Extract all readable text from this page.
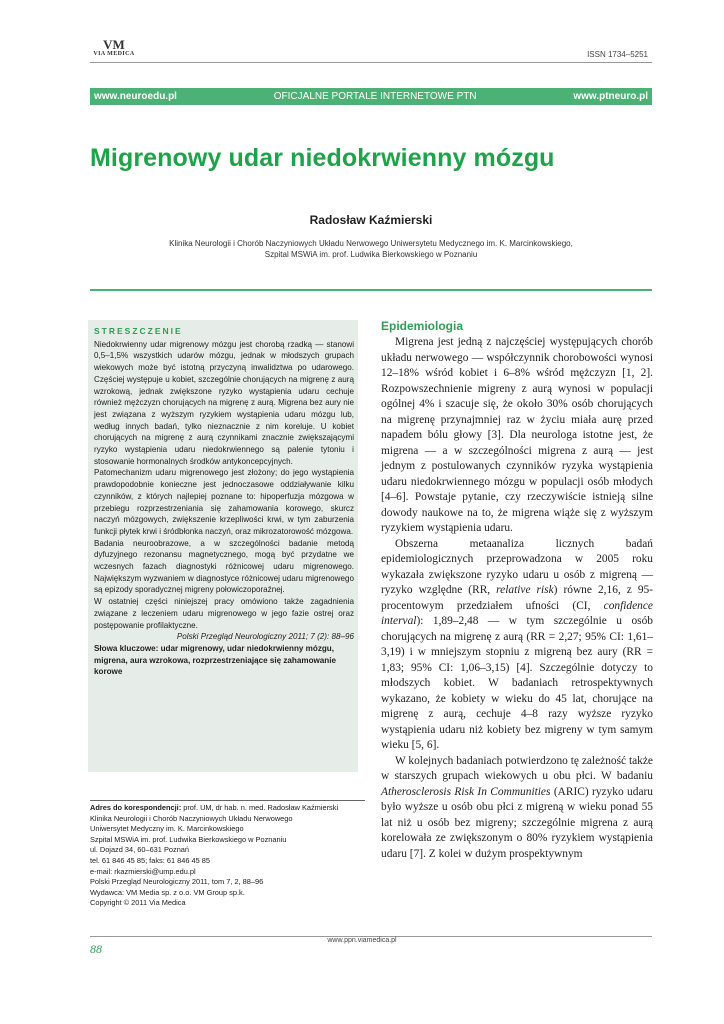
VM
VIA MEDICA	ISSN 1734–5251
www.neuroedu.pl	OFICJALNE PORTALE INTERNETOWE PTN	www.ptneuro.pl
Migrenowy udar niedokrwienny mózgu
Radosław Kaźmierski
Klinika Neurologii i Chorób Naczyniowych Układu Nerwowego Uniwersytetu Medycznego im. K. Marcinkowskiego,
Szpital MSWiA im. prof. Ludwika Bierkowskiego w Poznaniu
STRESZCZENIE

Niedokrwienny udar migrenowy mózgu jest chorobą rzadką — stanowi 0,5–1,5% wszystkich udarów mózgu, jednak w młodszych grupach wiekowych może być istotną przyczyną inwalidztwa po udarowego. Częściej występuje u kobiet, szczególnie chorujących na migrenę z aurą wzrokową, jednak zwiększone ryzyko wystąpienia udaru cechuje również mężczyzn chorujących na migrenę z aurą. Migrena bez aury nie jest związana z wyższym ryzykiem wystąpienia udaru mózgu lub, według innych badań, tylko nieznacznie z nim koreluje. U kobiet chorujących na migrenę z aurą czynnikami znacznie zwiększającymi ryzyko wystąpienia udaru niedokrwiennego są palenie tytoniu i stosowanie hormonalnych środków antykoncepcyjnych.

Patomechanizm udaru migrenowego jest złożony; do jego wystąpienia prawdopodobnie konieczne jest jednoczasowe oddziaływanie kilku czynników, z których najlepiej poznane to: hipoperfuzja mózgowa w przebiegu rozprzestrzeniania się zahamowania korowego, skurcz naczyń mózgowych, zwiększenie krzepliwości krwi, w tym zaburzenia funkcji płytek krwi i śródbłonka naczyń, oraz mikrozatorowość mózgowa.

Badania neuroobrazowe, a w szczególności badanie metodą dyfuzyjnego rezonansu magnetycznego, mogą być przydatne we wczesnych fazach diagnostyki różnicowej udaru migrenowego. Największym wyzwaniem w diagnostyce różnicowej udaru migrenowego są epizody sporadycznej migreny połowiczoporaźnej.

W ostatniej części niniejszej pracy omówiono także zagadnienia związane z leczeniem udaru migrenowego w jego fazie ostrej oraz postępowanie profilaktyczne.

Polski Przegląd Neurologiczny 2011; 7 (2): 88–96

Słowa kluczowe: udar migrenowy, udar niedokrwienny mózgu, migrena, aura wzrokowa, rozprzestrzeniające się zahamowanie korowe

Adres do korespondencji: prof. UM, dr hab. n. med. Radosław Kaźmierski
Klinika Neurologii i Chorób Naczyniowych Układu Nerwowego
Uniwersytet Medyczny im. K. Marcinkowskiego
Szpital MSWiA im. prof. Ludwika Bierkowskiego w Poznaniu
ul. Dojazd 34, 60–631 Poznań
tel. 61 846 45 85; faks: 61 846 45 85
e-mail: rkazmierski@ump.edu.pl
Polski Przegląd Neurologiczny 2011, tom 7, 2, 88–96
Wydawca: VM Media sp. z o.o. VM Group sp.k.
Copyright © 2011 Via Medica
Epidemiologia

Migrena jest jedną z najczęściej występujących chorób układu nerwowego — współczynnik chorobowości wynosi 12–18% wśród kobiet i 6–8% wśród mężczyzn [1, 2]. Rozpowszechnienie migreny z aurą wynosi w populacji ogólnej 4% i szacuje się, że około 30% osób chorujących na migrenę przynajmniej raz w życiu miała aurę przed napadem bólu głowy [3]. Dla neurologa istotne jest, że migrena — a w szczególności migrena z aurą — jest jednym z postulowanych czynników ryzyka wystąpienia udaru niedokrwiennego mózgu w populacji osób młodych [4–6]. Powstaje pytanie, czy rzeczywiście istnieją silne dowody naukowe na to, że migrena wiąże się z wyższym ryzykiem wystąpienia udaru.

Obszerna metaanaliza licznych badań epidemiologicznych przeprowadzona w 2005 roku wykazała zwiększone ryzyko udaru u osób z migreną — ryzyko względne (RR, relative risk) równe 2,16, z 95-procentowym przedziałem ufności (CI, confidence interval): 1,89–2,48 — w tym szczególnie u osób chorujących na migrenę z aurą (RR = 2,27; 95% CI: 1,61–3,19) i w mniejszym stopniu z migreną bez aury (RR = 1,83; 95% CI: 1,06–3,15) [4]. Szczególnie dotyczy to młodszych kobiet. W badaniach retrospektywnych wykazano, że kobiety w wieku do 45 lat, chorujące na migrenę z aurą, cechuje 4–8 razy wyższe ryzyko wystąpienia udaru niż kobiety bez migreny w tym samym wieku [5, 6].

W kolejnych badaniach potwierdzono tę zależność także w starszych grupach wiekowych u obu płci. W badaniu Atherosclerosis Risk In Communities (ARIC) ryzyko udaru było wyższe u osób obu płci z migreną w wieku ponad 55 lat niż u osób bez migreny; szczególnie migrena z aurą korelowała ze zwiększonym o 80% ryzykiem wystąpienia udaru [7]. Z kolei w dużym prospektywnym

www.ppn.viamedica.pl
88
